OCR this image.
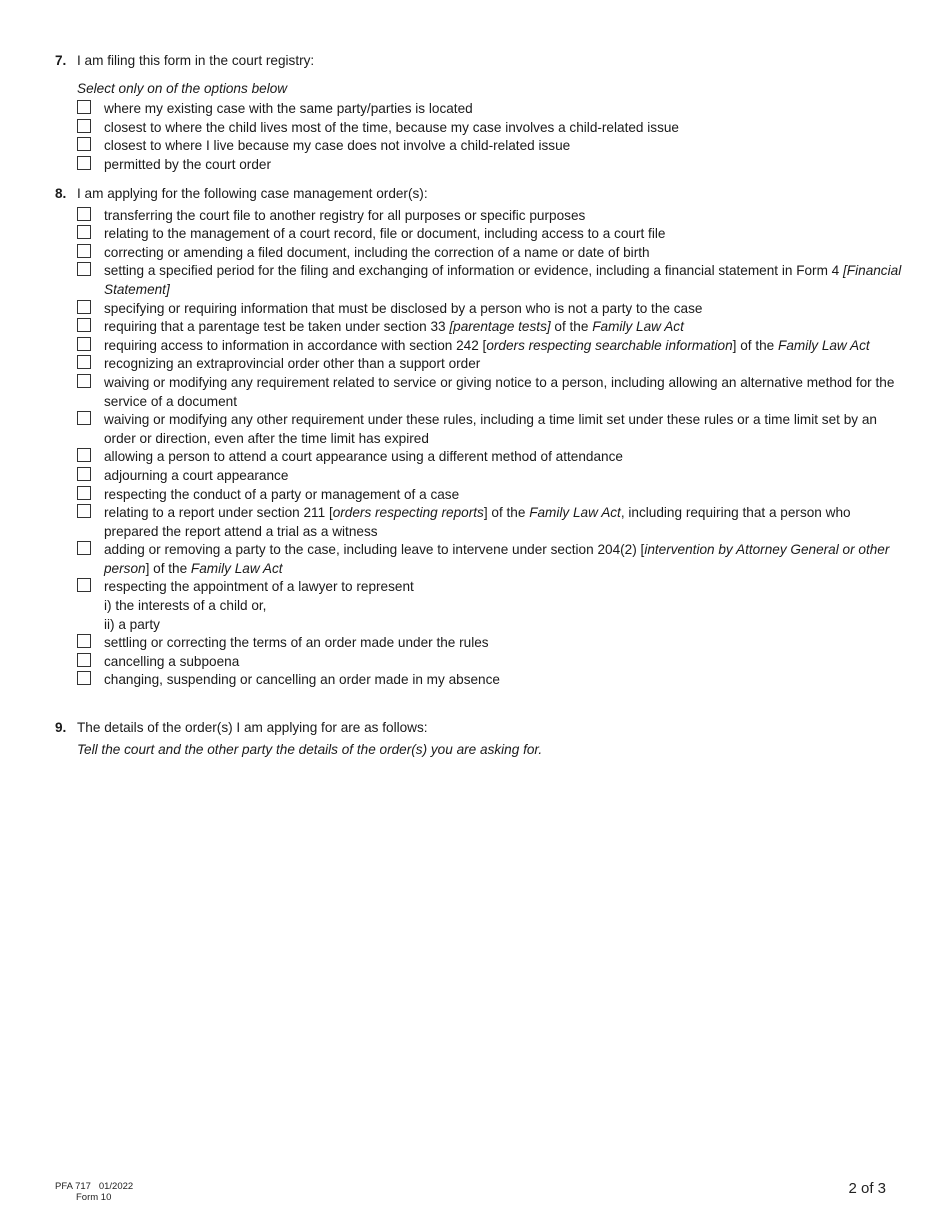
7. I am filing this form in the court registry:
Select only on of the options below
where my existing case with the same party/parties is located
closest to where the child lives most of the time, because my case involves a child-related issue
closest to where I live because my case does not involve a child-related issue
permitted by the court order
8. I am applying for the following case management order(s):
transferring the court file to another registry for all purposes or specific purposes
relating to the management of a court record, file or document, including access to a court file
correcting or amending a filed document, including the correction of a name or date of birth
setting a specified period for the filing and exchanging of information or evidence, including a financial statement in Form 4 [Financial Statement]
specifying or requiring information that must be disclosed by a person who is not a party to the case
requiring that a parentage test be taken under section 33 [parentage tests] of the Family Law Act
requiring access to information in accordance with section 242 [orders respecting searchable information] of the Family Law Act
recognizing an extraprovincial order other than a support order
waiving or modifying any requirement related to service or giving notice to a person, including allowing an alternative method for the service of a document
waiving or modifying any other requirement under these rules, including a time limit set under these rules or a time limit set by an order or direction, even after the time limit has expired
allowing a person to attend a court appearance using a different method of attendance
adjourning a court appearance
respecting the conduct of a party or management of a case
relating to a report under section 211 [orders respecting reports] of the Family Law Act, including requiring that a person who prepared the report attend a trial as a witness
adding or removing a party to the case, including leave to intervene under section 204(2) [intervention by Attorney General or other person] of the Family Law Act
respecting the appointment of a lawyer to represent
i) the interests of a child or,
ii) a party
settling or correcting the terms of an order made under the rules
cancelling a subpoena
changing, suspending or cancelling an order made in my absence
9. The details of the order(s) I am applying for are as follows:
Tell the court and the other party the details of the order(s) you are asking for.
PFA 717   01/2022
Form 10
2 of 3
